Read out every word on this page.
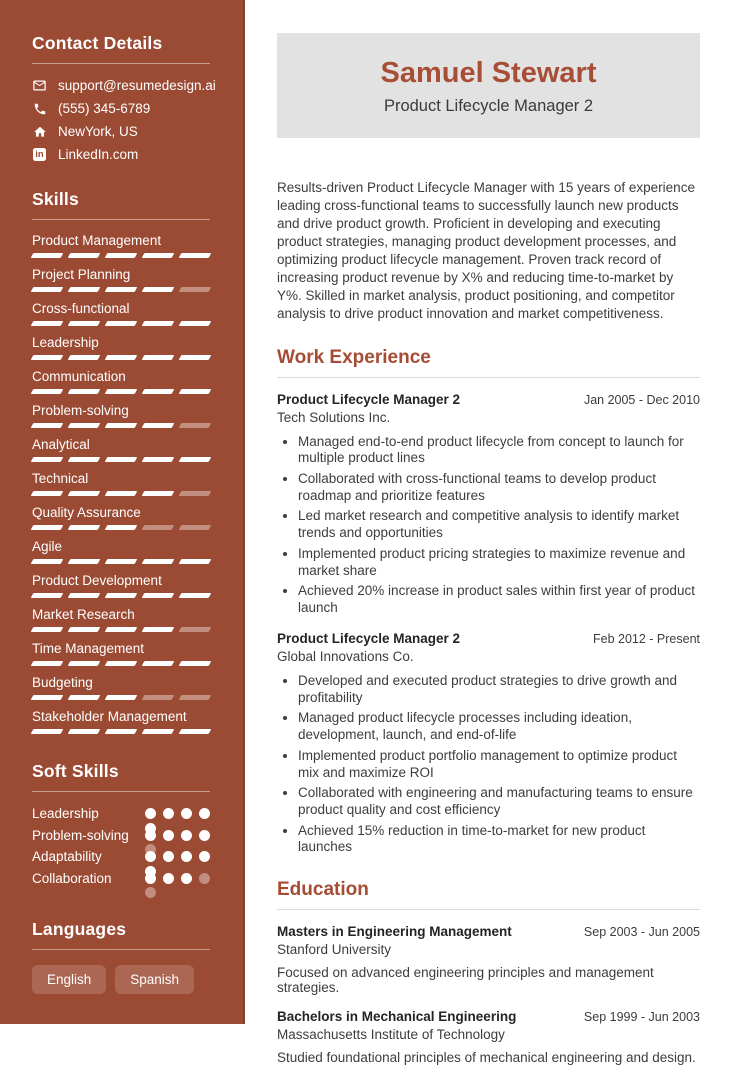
Contact Details
support@resumedesign.ai
(555) 345-6789
NewYork, US
in LinkedIn.com
Skills
Product Management
Project Planning
Cross-functional
Leadership
Communication
Problem-solving
Analytical
Technical
Quality Assurance
Agile
Product Development
Market Research
Time Management
Budgeting
Stakeholder Management
Soft Skills
Leadership
Problem-solving
Adaptability
Collaboration
Languages
English	Spanish
Samuel Stewart
Product Lifecycle Manager 2

Results-driven Product Lifecycle Manager with 15 years of experience leading cross-functional teams to successfully launch new products and drive product growth. Proficient in developing and executing product strategies, managing product development processes, and optimizing product lifecycle management. Proven track record of increasing product revenue by X% and reducing time-to-market by Y%. Skilled in market analysis, product positioning, and competitor analysis to drive product innovation and market competitiveness.

Work Experience
Product Lifecycle Manager 2	Jan 2005 - Dec 2010
Tech Solutions Inc.
• Managed end-to-end product lifecycle from concept to launch for multiple product lines
• Collaborated with cross-functional teams to develop product roadmap and prioritize features
• Led market research and competitive analysis to identify market trends and opportunities
• Implemented product pricing strategies to maximize revenue and market share
• Achieved 20% increase in product sales within first year of product launch
Product Lifecycle Manager 2	Feb 2012 - Present
Global Innovations Co.
• Developed and executed product strategies to drive growth and profitability
• Managed product lifecycle processes including ideation, development, launch, and end-of-life
• Implemented product portfolio management to optimize product mix and maximize ROI
• Collaborated with engineering and manufacturing teams to ensure product quality and cost efficiency
• Achieved 15% reduction in time-to-market for new product launches
Education
Masters in Engineering Management	Sep 2003 - Jun 2005
Stanford University
Focused on advanced engineering principles and management strategies.
Bachelors in Mechanical Engineering	Sep 1999 - Jun 2003
Massachusetts Institute of Technology
Studied foundational principles of mechanical engineering and design.
